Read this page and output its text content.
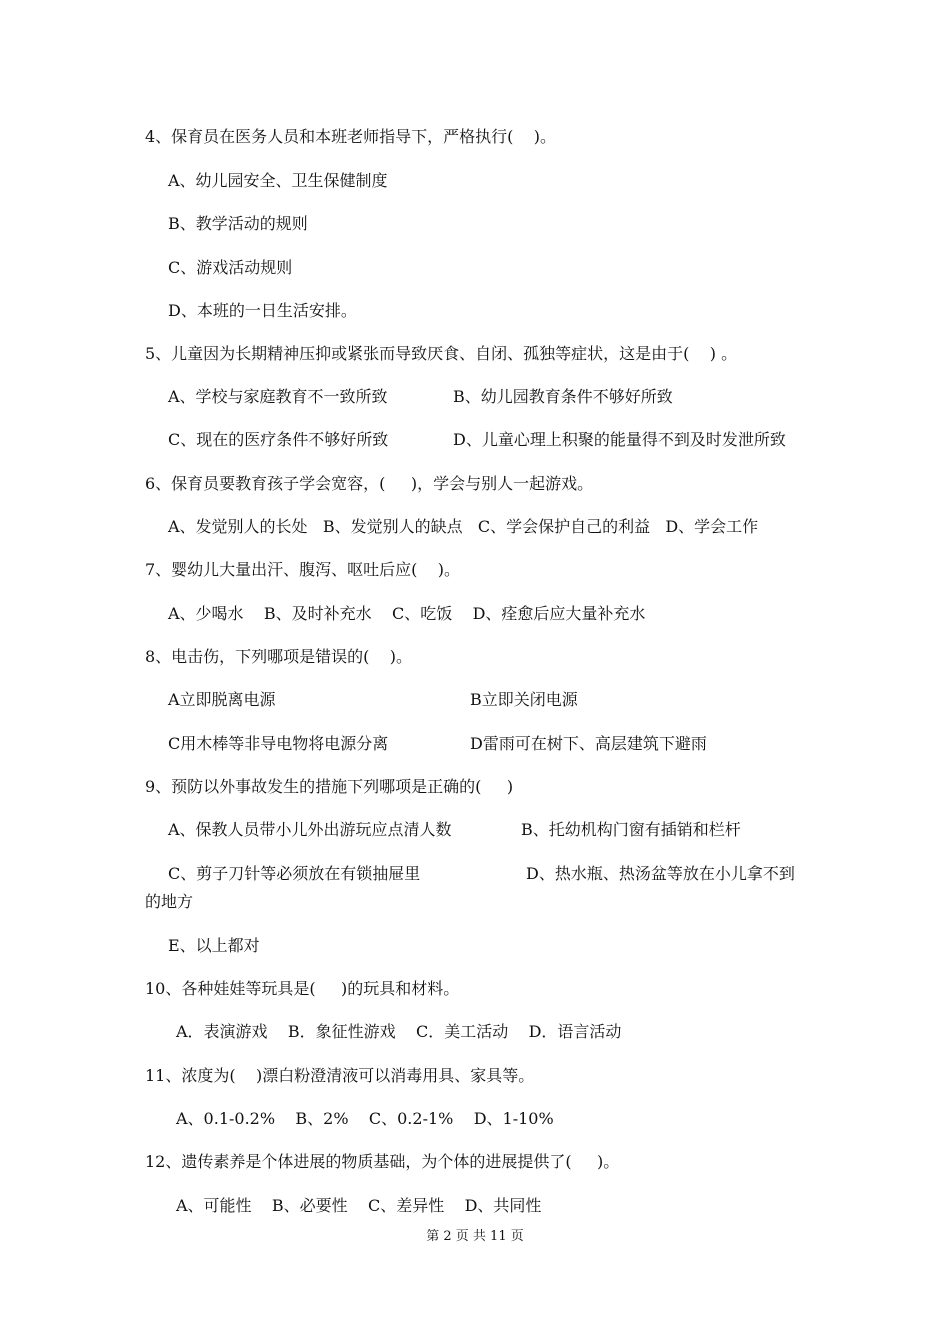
4、保育员在医务人员和本班老师指导下，严格执行(    )。
A、幼儿园安全、卫生保健制度
B、教学活动的规则
C、游戏活动规则
D、本班的一日生活安排。
5、儿童因为长期精神压抑或紧张而导致厌食、自闭、孤独等症状，这是由于(    ) 。
A、学校与家庭教育不一致所致	B、幼儿园教育条件不够好所致
C、现在的医疗条件不够好所致	D、儿童心理上积聚的能量得不到及时发泄所致
6、保育员要教育孩子学会宽容，(     )，学会与别人一起游戏。
A、发觉别人的长处   B、发觉别人的缺点   C、学会保护自己的利益   D、学会工作
7、婴幼儿大量出汗、腹泻、呕吐后应(    )。
A、少喝水    B、及时补充水    C、吃饭    D、痊愈后应大量补充水
8、电击伤，下列哪项是错误的(    )。
A立即脱离电源	B立即关闭电源
C用木棒等非导电物将电源分离	D雷雨可在树下、高层建筑下避雨
9、预防以外事故发生的措施下列哪项是正确的(     )
A、保教人员带小儿外出游玩应点清人数	B、托幼机构门窗有插销和栏杆
C、剪子刀针等必须放在有锁抽屉里	D、热水瓶、热汤盆等放在小儿拿不到
的地方
E、以上都对
10、各种娃娃等玩具是(     )的玩具和材料。
A．表演游戏    B．象征性游戏    C．美工活动    D．语言活动
11、浓度为(    )漂白粉澄清液可以消毒用具、家具等。
A、0.1-0.2%    B、2%    C、0.2-1%    D、1-10%
12、遗传素养是个体进展的物质基础，为个体的进展提供了(     )。
A、可能性    B、必要性    C、差异性    D、共同性
第 2 页 共 11 页
